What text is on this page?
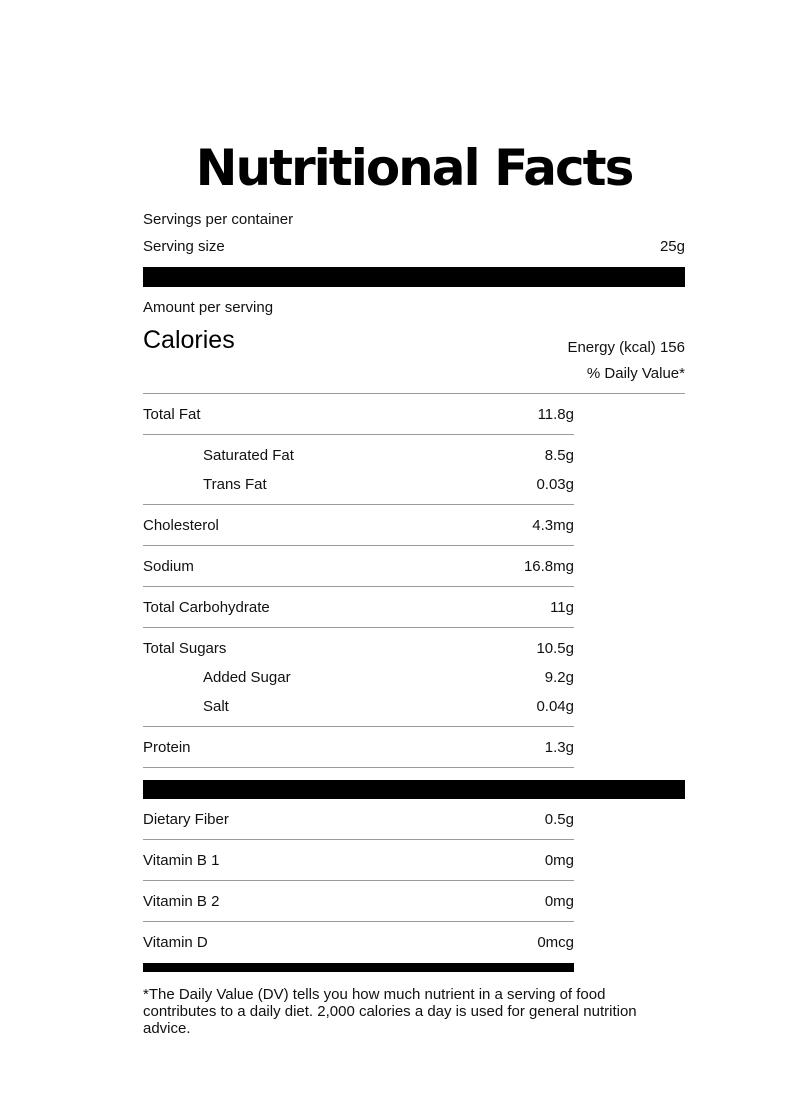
Nutritional Facts
Servings per container
Serving size	25g
Amount per serving
Calories	Energy (kcal) 156
% Daily Value*
Total Fat	11.8g
Saturated Fat	8.5g
Trans Fat	0.03g
Cholesterol	4.3mg
Sodium	16.8mg
Total Carbohydrate	11g
Total Sugars	10.5g
Added Sugar	9.2g
Salt	0.04g
Protein	1.3g
Dietary Fiber	0.5g
Vitamin B 1	0mg
Vitamin B 2	0mg
Vitamin D	0mcg
*The Daily Value (DV) tells you how much nutrient in a serving of food contributes to a daily diet. 2,000 calories a day is used for general nutrition advice.
